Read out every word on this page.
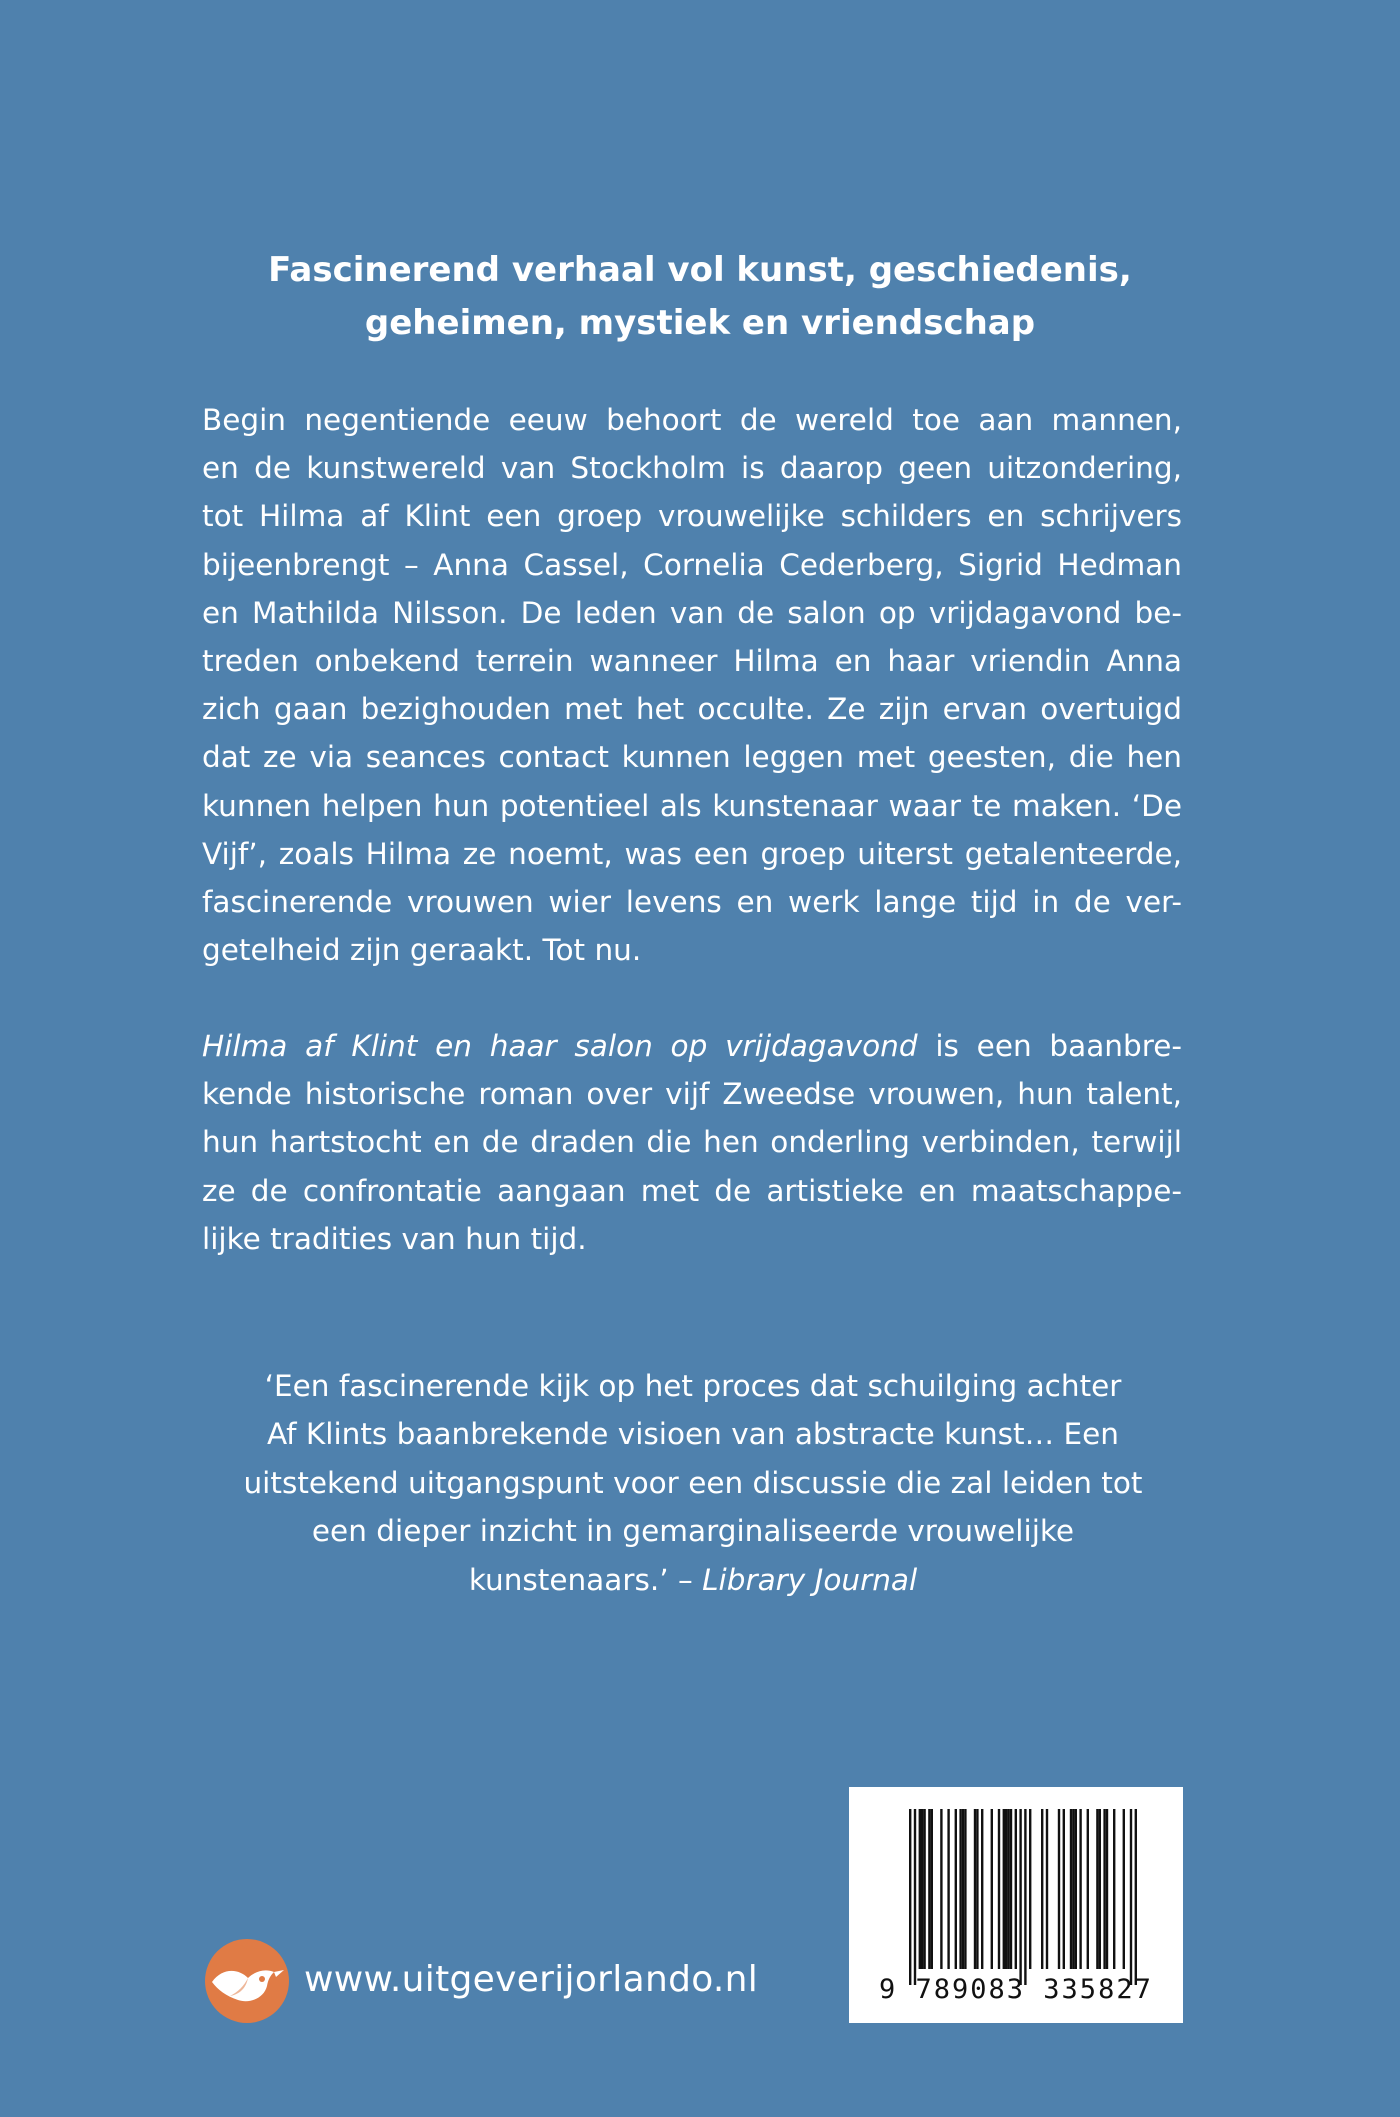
Fascinerend verhaal vol kunst, geschiedenis,
geheimen, mystiek en vriendschap

Begin negentiende eeuw behoort de wereld toe aan mannen,
en de kunstwereld van Stockholm is daarop geen uitzondering,
tot Hilma af Klint een groep vrouwelijke schilders en schrijvers
bijeenbrengt – Anna Cassel, Cornelia Cederberg, Sigrid Hedman
en Mathilda Nilsson. De leden van de salon op vrijdagavond be-
treden onbekend terrein wanneer Hilma en haar vriendin Anna
zich gaan bezighouden met het occulte. Ze zijn ervan overtuigd
dat ze via seances contact kunnen leggen met geesten, die hen
kunnen helpen hun potentieel als kunstenaar waar te maken. ‘De
Vijf’, zoals Hilma ze noemt, was een groep uiterst getalenteerde,
fascinerende vrouwen wier levens en werk lange tijd in de ver-
getelheid zijn geraakt. Tot nu.

Hilma af Klint en haar salon op vrijdagavond is een baanbre-
kende historische roman over vijf Zweedse vrouwen, hun talent,
hun hartstocht en de draden die hen onderling verbinden, terwijl
ze de confrontatie aangaan met de artistieke en maatschappe-
lijke tradities van hun tijd.

‘Een fascinerende kijk op het proces dat schuilging achter
Af Klints baanbrekende visioen van abstracte kunst… Een
uitstekend uitgangspunt voor een discussie die zal leiden tot
een dieper inzicht in gemarginaliseerde vrouwelijke
kunstenaars.’ – Library Journal

www.uitgeverijorlando.nl	9 789083 335827
